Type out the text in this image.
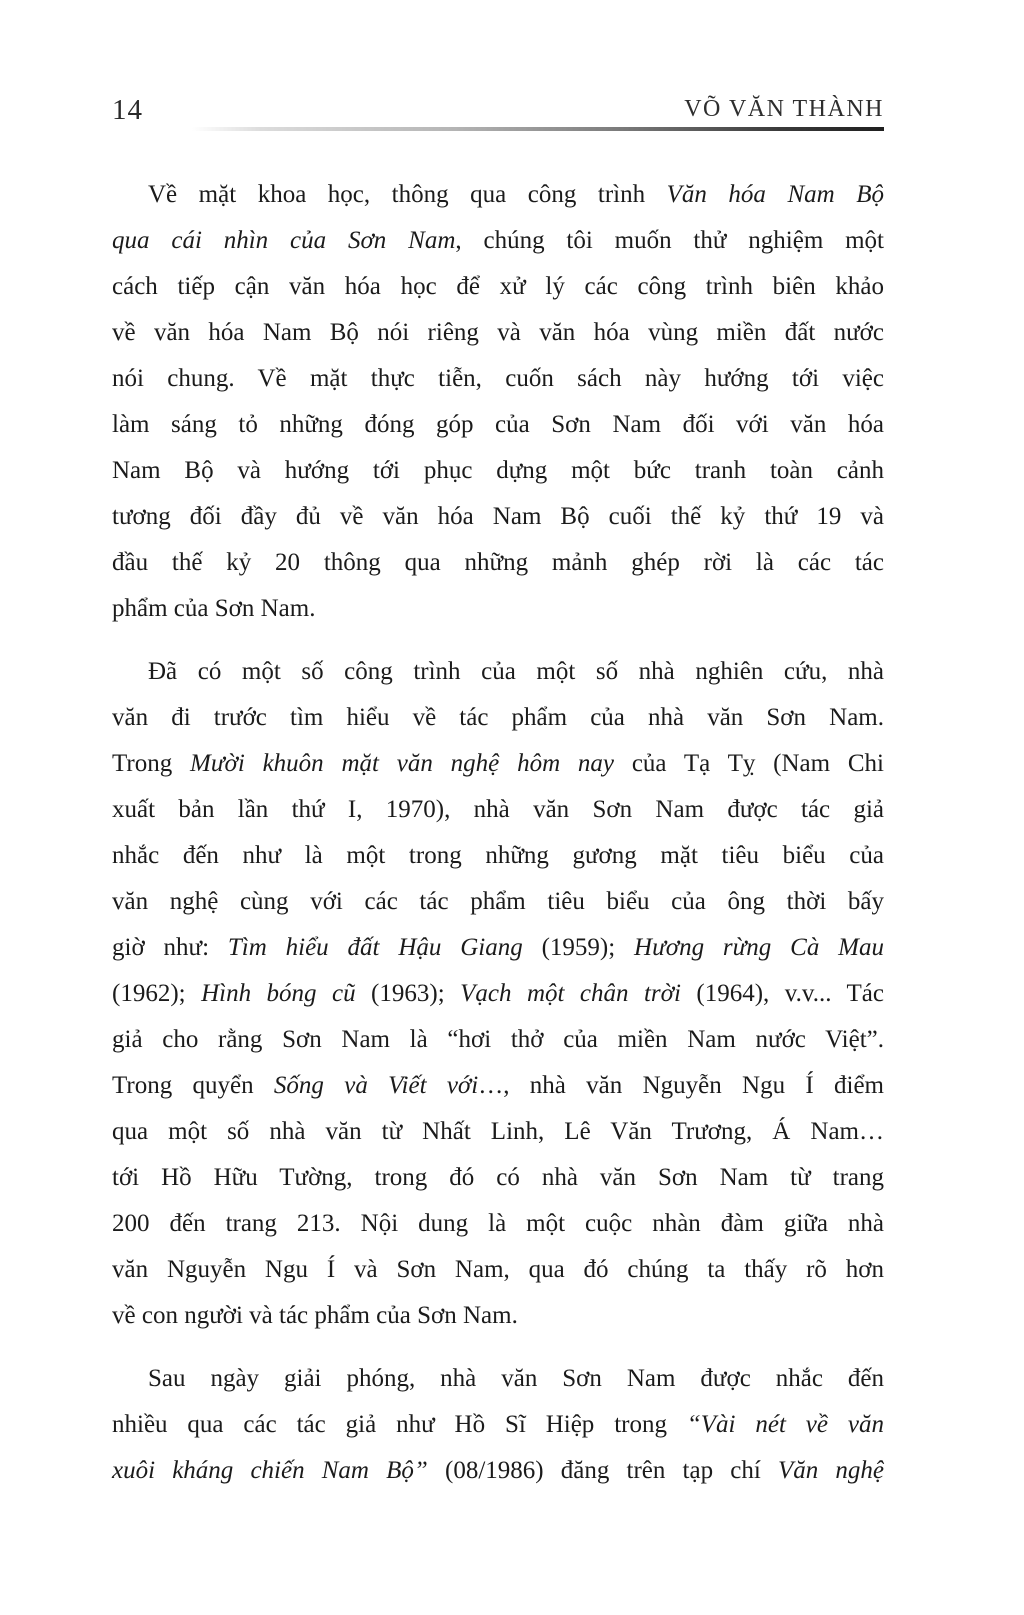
14	VÕ VĂN THÀNH
Về mặt khoa học, thông qua công trình Văn hóa Nam Bộ
qua cái nhìn của Sơn Nam, chúng tôi muốn thử nghiệm một
cách tiếp cận văn hóa học để xử lý các công trình biên khảo
về văn hóa Nam Bộ nói riêng và văn hóa vùng miền đất nước
nói chung. Về mặt thực tiễn, cuốn sách này hướng tới việc
làm sáng tỏ những đóng góp của Sơn Nam đối với văn hóa
Nam Bộ và hướng tới phục dựng một bức tranh toàn cảnh
tương đối đầy đủ về văn hóa Nam Bộ cuối thế kỷ thứ 19 và
đầu thế kỷ 20 thông qua những mảnh ghép rời là các tác
phẩm của Sơn Nam.
Đã có một số công trình của một số nhà nghiên cứu, nhà
văn đi trước tìm hiểu về tác phẩm của nhà văn Sơn Nam.
Trong Mười khuôn mặt văn nghệ hôm nay của Tạ Tỵ (Nam Chi
xuất bản lần thứ I, 1970), nhà văn Sơn Nam được tác giả
nhắc đến như là một trong những gương mặt tiêu biểu của
văn nghệ cùng với các tác phẩm tiêu biểu của ông thời bấy
giờ như: Tìm hiểu đất Hậu Giang (1959); Hương rừng Cà Mau
(1962); Hình bóng cũ (1963); Vạch một chân trời (1964), v.v... Tác
giả cho rằng Sơn Nam là “hơi thở của miền Nam nước Việt”.
Trong quyển Sống và Viết với…, nhà văn Nguyễn Ngu Í điểm
qua một số nhà văn từ Nhất Linh, Lê Văn Trương, Á Nam…
tới Hồ Hữu Tường, trong đó có nhà văn Sơn Nam từ trang
200 đến trang 213. Nội dung là một cuộc nhàn đàm giữa nhà
văn Nguyễn Ngu Í và Sơn Nam, qua đó chúng ta thấy rõ hơn
về con người và tác phẩm của Sơn Nam.
Sau ngày giải phóng, nhà văn Sơn Nam được nhắc đến
nhiều qua các tác giả như Hồ Sĩ Hiệp trong “Vài nét về văn
xuôi kháng chiến Nam Bộ” (08/1986) đăng trên tạp chí Văn nghệ
